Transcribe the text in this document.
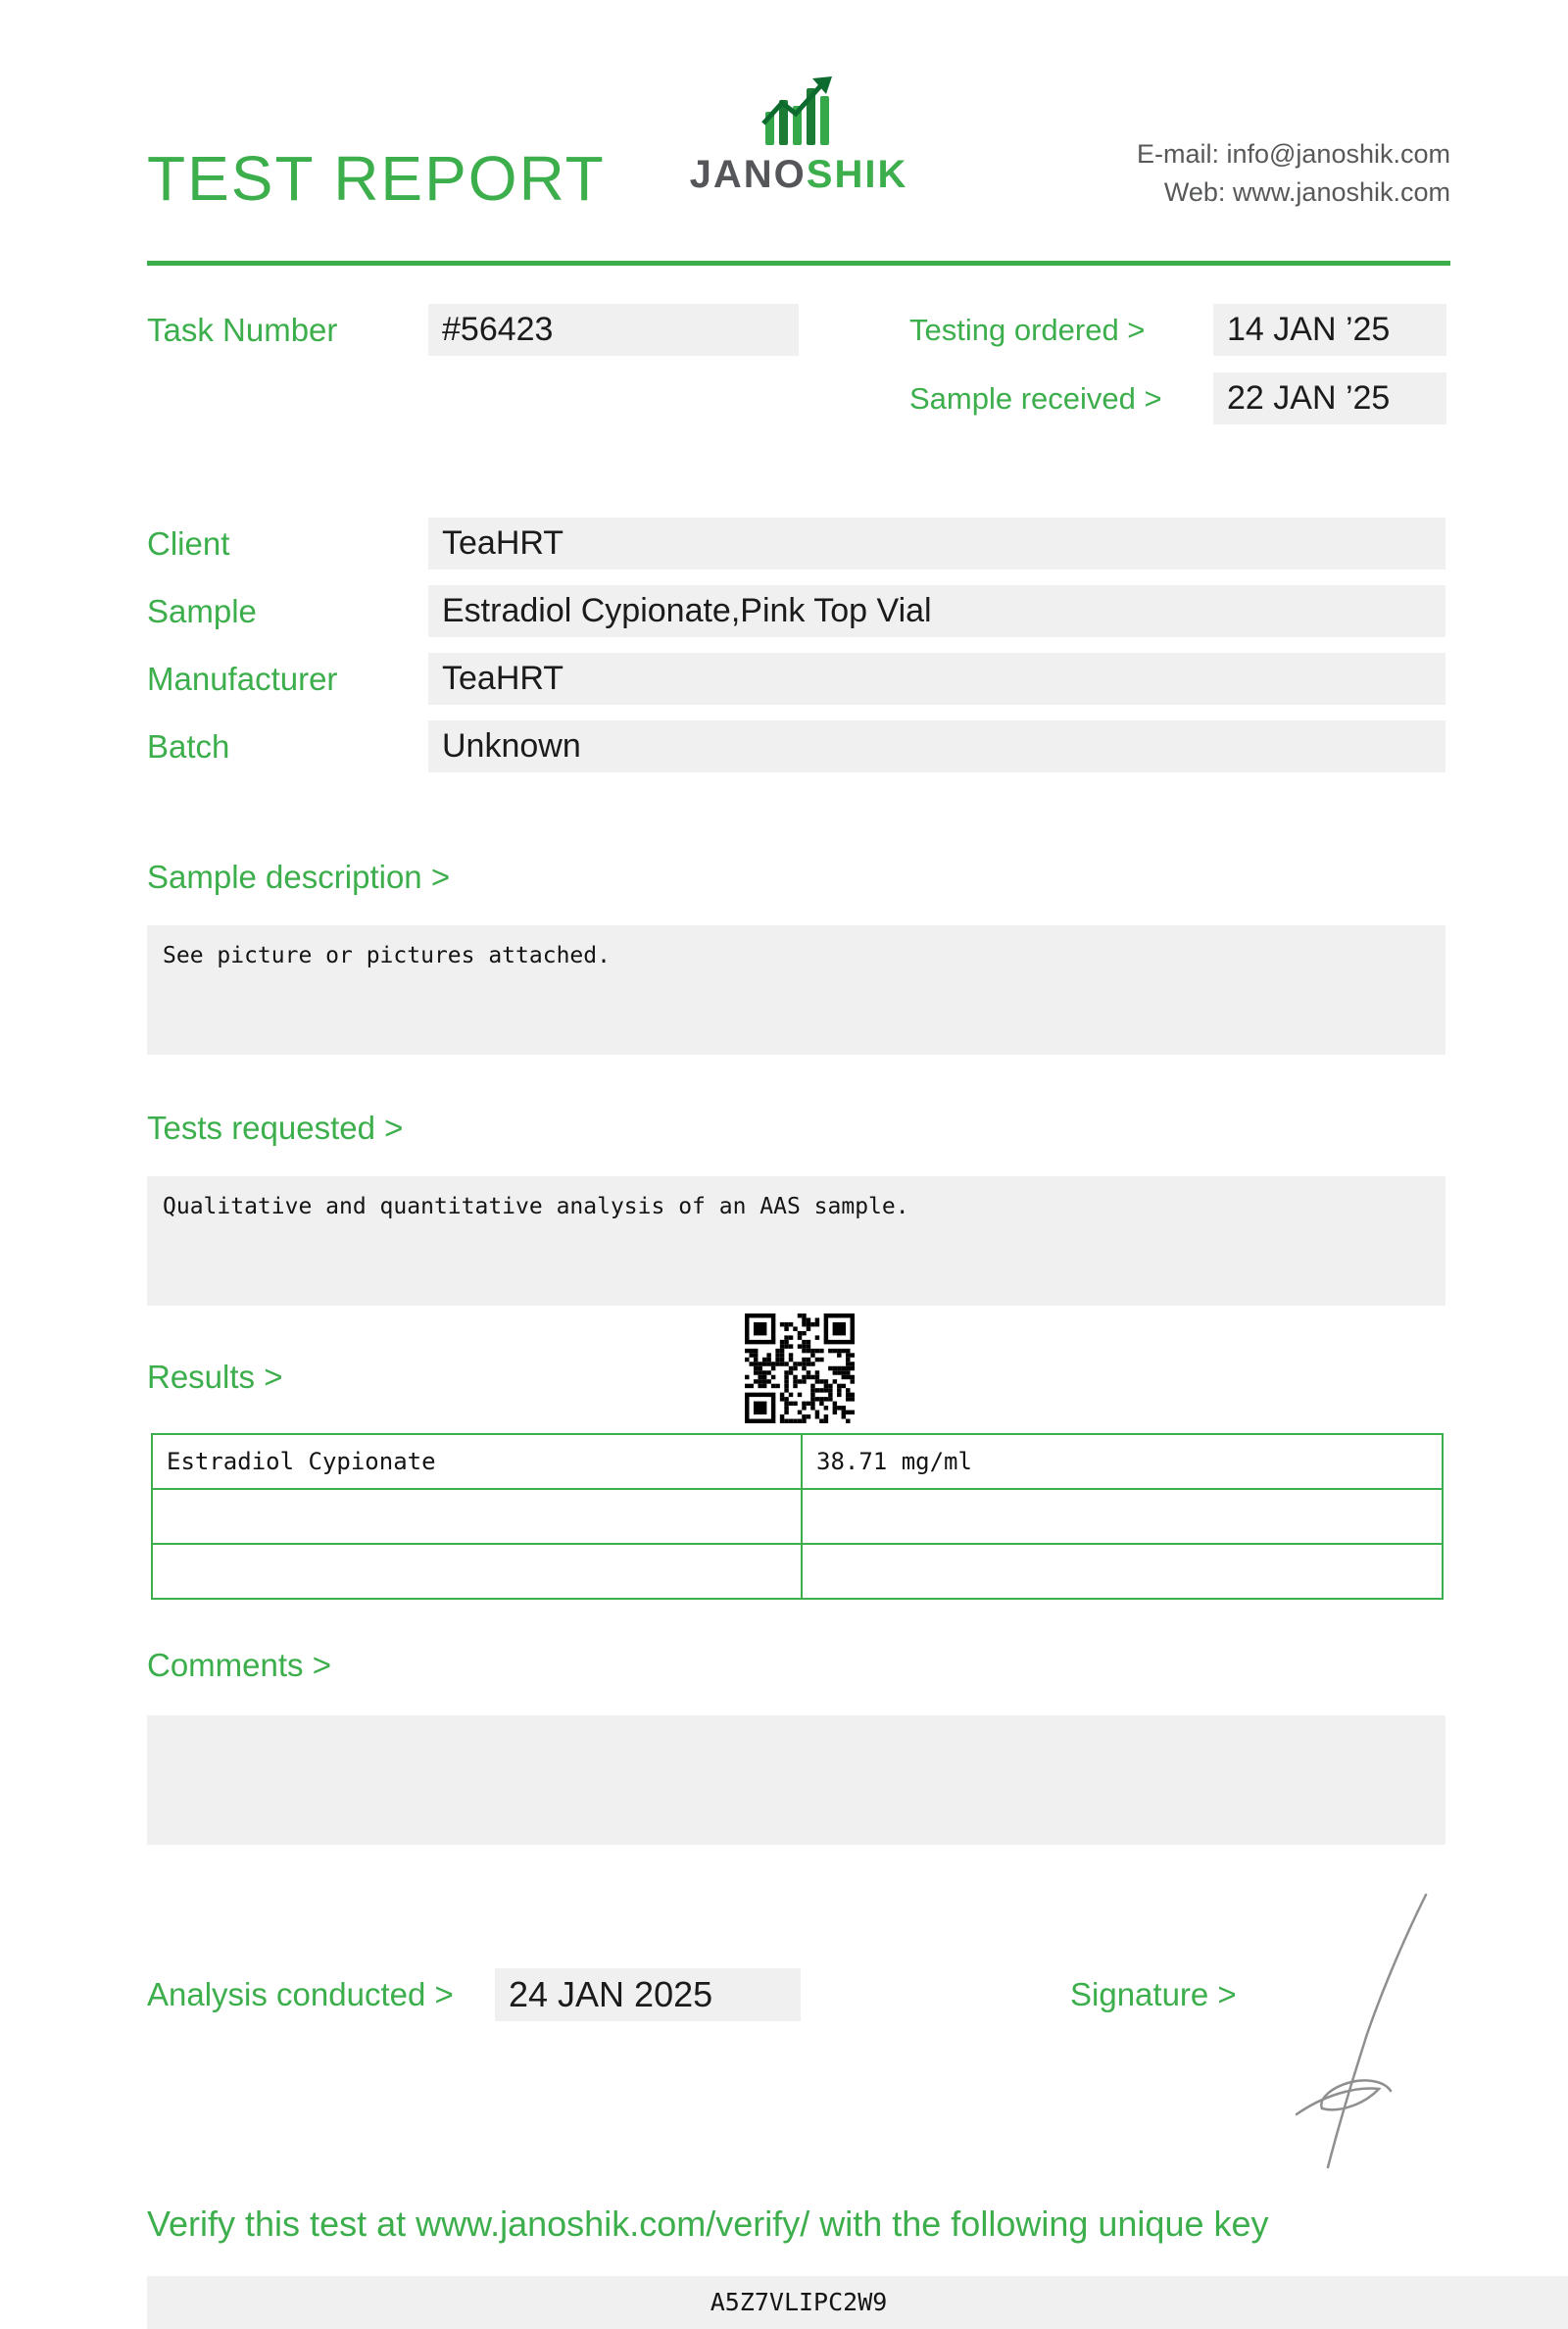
TEST REPORT JANOSHIK	E-mail: info@janoshik.com
Web: www.janoshik.com
Task Number	#56423	Testing ordered >	14 JAN ’25
Sample received >	22 JAN ’25
Client	TeaHRT
Sample	Estradiol Cypionate,Pink Top Vial
Manufacturer	TeaHRT
Batch	Unknown
Sample description >
See picture or pictures attached.
Tests requested >
Qualitative and quantitative analysis of an AAS sample.
Results >
Estradiol Cypionate	38.71 mg/ml

Comments >
Analysis conducted >	24 JAN 2025	Signature >
Verify this test at www.janoshik.com/verify/ with the following unique key
A5Z7VLIPC2W9
